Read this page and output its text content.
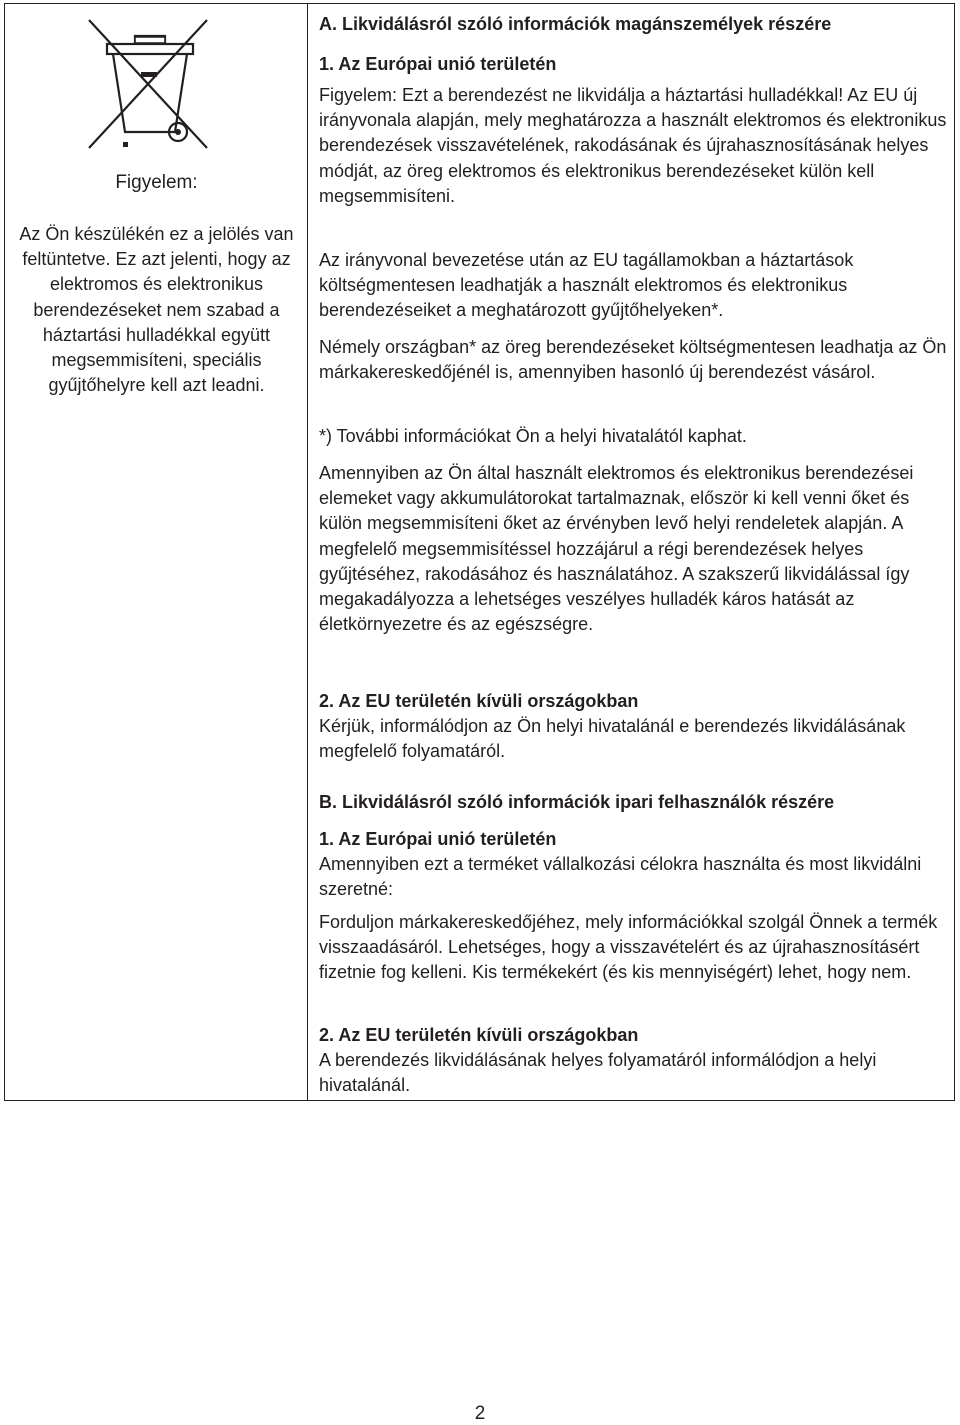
Figyelem:
Az Ön készülékén ez a jelölés van feltüntetve. Ez azt jelenti, hogy az elektromos és elektronikus berendezéseket nem szabad a háztartási hulladékkal együtt megsemmisíteni, speciális gyűjtőhelyre kell azt leadni.

A. Likvidálásról szóló információk magánszemélyek részére

1. Az Európai unió területén

Figyelem: Ezt a berendezést ne likvidálja a háztartási hulladékkal! Az EU új irányvonala alapján, mely meghatározza a használt elektromos és elektronikus berendezések visszavételének, rakodásának és újrahasznosításának helyes módját, az öreg elektromos és elektronikus berendezéseket külön kell megsemmisíteni.

Az irányvonal bevezetése után az EU tagállamokban a háztartások költségmentesen leadhatják a használt elektromos és elektronikus berendezéseiket a meghatározott gyűjtőhelyeken*.

Némely országban* az öreg berendezéseket költségmentesen leadhatja az Ön márkakereskedőjénél is, amennyiben hasonló új berendezést vásárol.

*) További információkat Ön a helyi hivatalától kaphat.

Amennyiben az Ön által használt elektromos és elektronikus berendezései elemeket vagy akkumulátorokat tartalmaznak, először ki kell venni őket és külön megsemmisíteni őket az érvényben levő helyi rendeletek alapján. A megfelelő megsemmisítéssel hozzájárul a régi berendezések helyes gyűjtéséhez, rakodásához és használatához. A szakszerű likvidálással így megakadályozza a lehetséges veszélyes hulladék káros hatását az életkörnyezetre és az egészségre.

2. Az EU területén kívüli országokban

Kérjük, informálódjon az Ön helyi hivatalánál e berendezés likvidálásának megfelelő folyamatáról.

B. Likvidálásról szóló információk ipari felhasználók részére

1. Az Európai unió területén

Amennyiben ezt a terméket vállalkozási célokra használta és most likvidálni szeretné:

Forduljon márkakereskedőjéhez, mely információkkal szolgál Önnek a termék visszaadásáról. Lehetséges, hogy a visszavételért és az újrahasznosításért fizetnie fog kelleni. Kis termékekért (és kis mennyiségért) lehet, hogy nem.

2. Az EU területén kívüli országokban

A berendezés likvidálásának helyes folyamatáról informálódjon a helyi hivatalánál.

2
